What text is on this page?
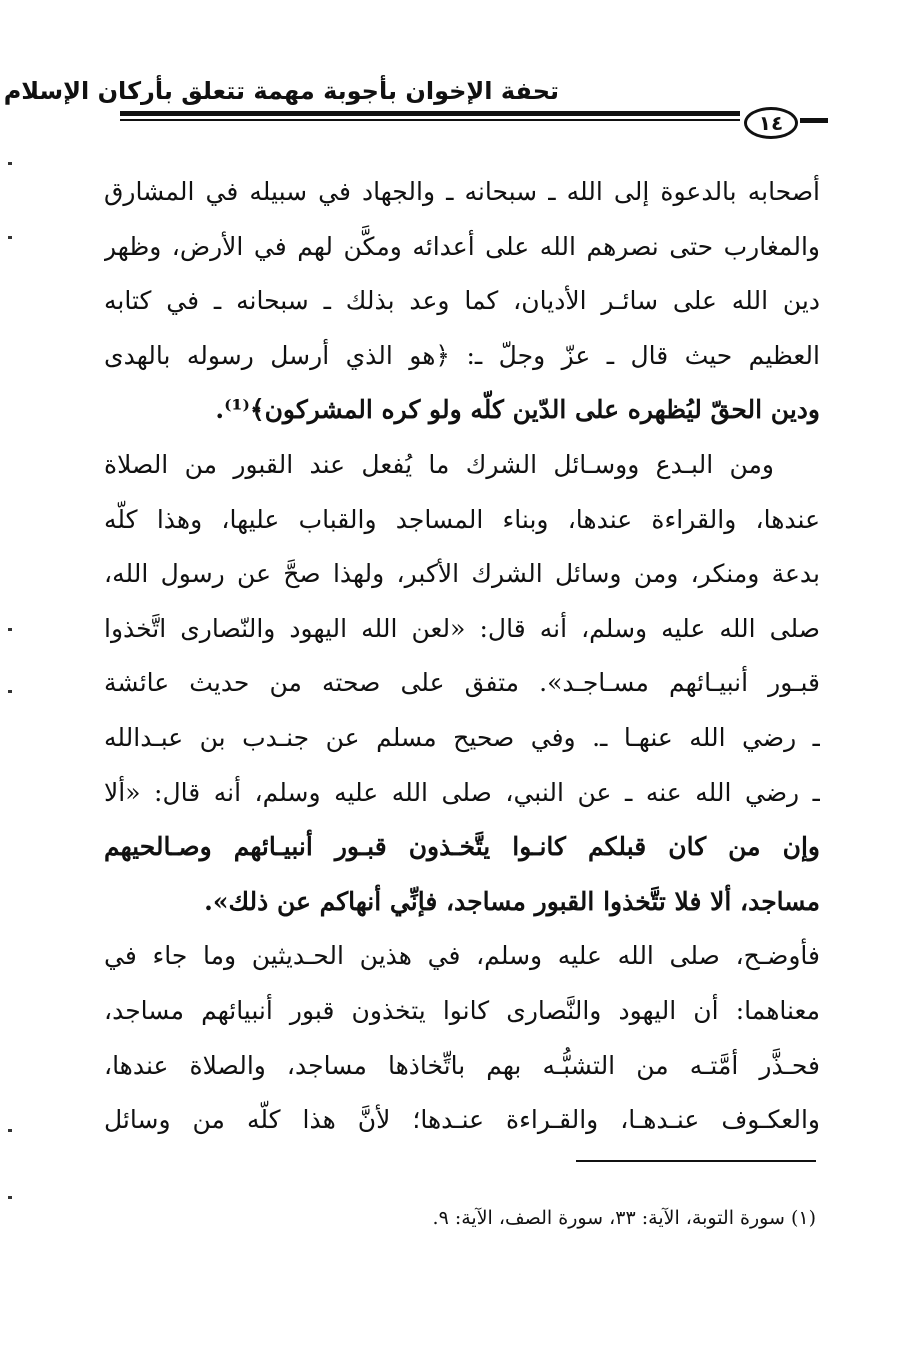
تحفة الإخوان بأجوبة مهمة تتعلق بأركان الإسلام
١٤
أصحابه بالدعوة إلى الله ـ سبحانه ـ والجهاد في سبيله في المشارق
والمغارب حتى نصرهم الله على أعدائه ومكَّن لهم في الأرض، وظهر
دين الله على سائـر الأديان، كما وعد بذلك ـ سبحانه ـ في كتابه
العظيم حيث قال ـ عزّ وجلّ ـ: ﴿هو الذي أرسل رسوله بالهدى
ودين الحقّ ليُظهره على الدّين كلّه ولو كره المشركون﴾⁽¹⁾.
ومن البـدع ووسـائل الشرك ما يُفعل عند القبور من الصلاة
عندها، والقراءة عندها، وبناء المساجد والقباب عليها، وهذا كلّه
بدعة ومنكر، ومن وسائل الشرك الأكبر، ولهذا صحَّ عن رسول الله،
صلى الله عليه وسلم، أنه قال: «لعن الله اليهود والنّصارى اتَّخذوا
قبـور أنبيـائهم مسـاجـد». متفق على صحته من حديث عائشة
ـ رضي الله عنهـا ـ. وفي صحيح مسلم عن جنـدب بن عبـدالله
ـ رضي الله عنه ـ عن النبي، صلى الله عليه وسلم، أنه قال: «ألا
وإن من كان قبلكم كانـوا يتَّخـذون قبـور أنبيـائهم وصـالحيهم
مساجد، ألا فلا تتَّخذوا القبور مساجد، فإنِّي أنهاكم عن ذلك».
فأوضـح، صلى الله عليه وسلم، في هذين الحـديثين وما جاء في
معناهما: أن اليهود والنَّصارى كانوا يتخذون قبور أنبيائهم مساجد،
فحـذَّر أمَّتـه من التشبُّـه بهم باتِّخاذها مساجد، والصلاة عندها،
والعكـوف عنـدهـا، والقـراءة عنـدها؛ لأنَّ هذا كلّه من وسائل
(١) سورة التوبة، الآية: ٣٣، سورة الصف، الآية: ٩.
